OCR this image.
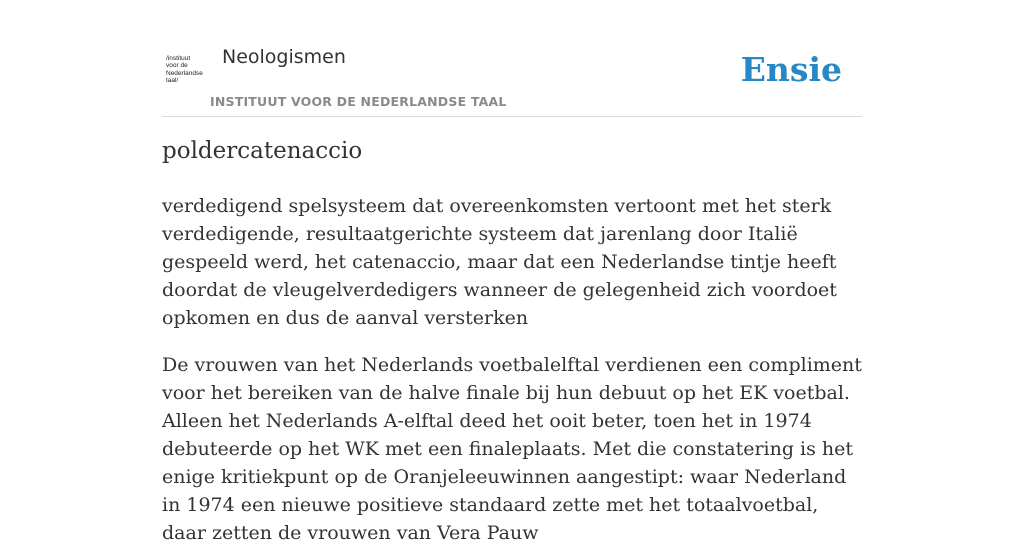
/instituut
voor de
Nederlandse
taal/
Neologismen
INSTITUUT VOOR DE NEDERLANDSE TAAL
Ensie
poldercatenaccio

verdedigend spelsysteem dat overeenkomsten vertoont met het sterk verdedigende, resultaatgerichte systeem dat jarenlang door Italië gespeeld werd, het catenaccio, maar dat een Nederlandse tintje heeft doordat de vleugelverdedigers wanneer de gelegenheid zich voordoet opkomen en dus de aanval versterken

De vrouwen van het Nederlands voetbalelftal verdienen een compliment voor het bereiken van de halve finale bij hun debuut op het EK voetbal. Alleen het Nederlands A-elftal deed het ooit beter, toen het in 1974 debuteerde op het WK met een finaleplaats. Met die constatering is het enige kritiekpunt op de Oranjeleeuwinnen aangestipt: waar Nederland in 1974 een nieuwe positieve standaard zette met het totaalvoetbal, daar zetten de vrouwen van Vera Pauw
